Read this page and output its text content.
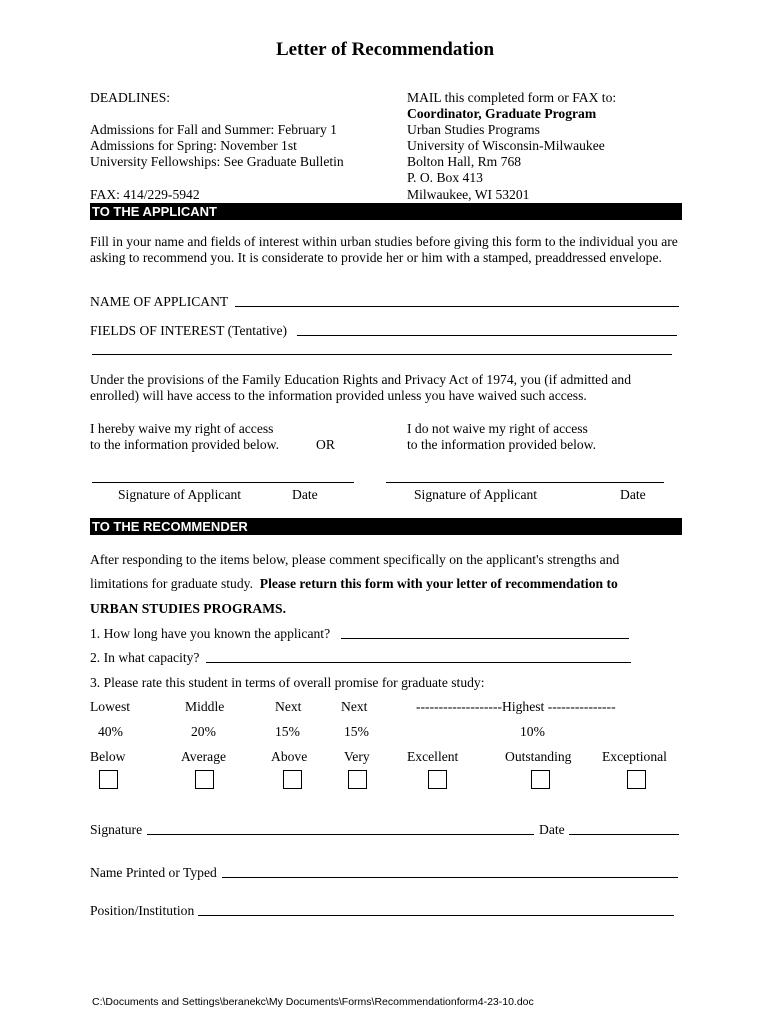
Letter of Recommendation
DEADLINES:
Admissions for Fall and Summer: February 1
Admissions for Spring: November 1st
University Fellowships: See Graduate Bulletin
FAX: 414/229-5942
MAIL this completed form or FAX to:
Coordinator, Graduate Program
Urban Studies Programs
University of Wisconsin-Milwaukee
Bolton Hall, Rm 768
P. O. Box 413
Milwaukee, WI 53201
TO THE APPLICANT
Fill in your name and fields of interest within urban studies before giving this form to the individual you are asking to recommend you. It is considerate to provide her or him with a stamped, preaddressed envelope.
NAME OF APPLICANT
FIELDS OF INTEREST (Tentative)
Under the provisions of the Family Education Rights and Privacy Act of 1974, you (if admitted and enrolled) will have access to the information provided unless you have waived such access.
I hereby waive my right of access
to the information provided below.	OR
I do not waive my right of access
to the information provided below.
Signature of Applicant	Date	Signature of Applicant	Date
TO THE RECOMMENDER
After responding to the items below, please comment specifically on the applicant's strengths and
limitations for graduate study.  Please return this form with your letter of recommendation to
URBAN STUDIES PROGRAMS.
1. How long have you known the applicant?
2. In what capacity?
3. Please rate this student in terms of overall promise for graduate study:
Lowest	Middle	Next	Next	-------------------Highest ---------------
40%	20%	15%	15%	10%
Below	Average	Above	Very	Excellent	Outstanding Exceptional
Signature	Date
Name Printed or Typed
Position/Institution
C:\Documents and Settings\beranekc\My Documents\Forms\Recommendationform4-23-10.doc
